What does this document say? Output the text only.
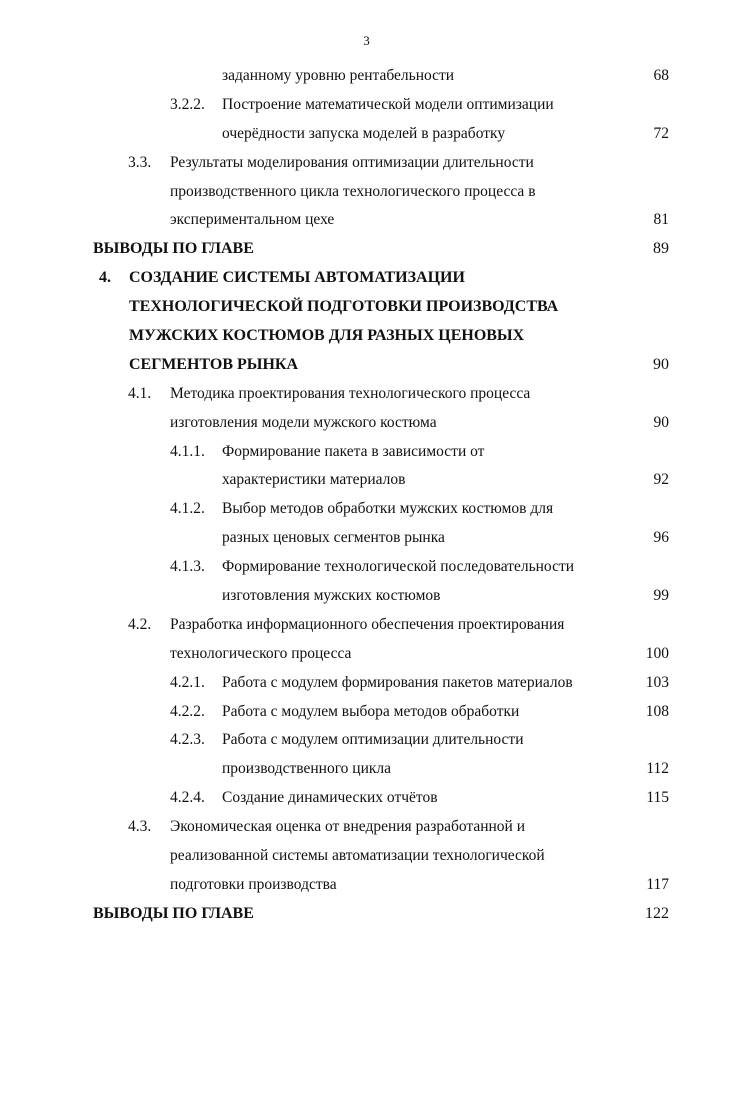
3
заданному уровню рентабельности	68
3.2.2. Построение математической модели оптимизации
очерёдности запуска моделей в разработку	72
3.3. Результаты моделирования оптимизации длительности
производственного цикла технологического процесса в
экспериментальном цехе	81
ВЫВОДЫ ПО ГЛАВЕ	89
4. СОЗДАНИЕ СИСТЕМЫ АВТОМАТИЗАЦИИ
ТЕХНОЛОГИЧЕСКОЙ ПОДГОТОВКИ ПРОИЗВОДСТВА
МУЖСКИХ КОСТЮМОВ ДЛЯ РАЗНЫХ ЦЕНОВЫХ
СЕГМЕНТОВ РЫНКА	90
4.1. Методика проектирования технологического процесса
изготовления модели мужского костюма	90
4.1.1. Формирование пакета в зависимости от
характеристики материалов	92
4.1.2. Выбор методов обработки мужских костюмов для
разных ценовых сегментов рынка	96
4.1.3. Формирование технологической последовательности
изготовления мужских костюмов	99
4.2. Разработка информационного обеспечения проектирования
технологического процесса	100
4.2.1. Работа с модулем формирования пакетов материалов	103
4.2.2. Работа с модулем выбора методов обработки	108
4.2.3. Работа с модулем оптимизации длительности
производственного цикла	112
4.2.4. Создание динамических отчётов	115
4.3. Экономическая оценка от внедрения разработанной и
реализованной системы автоматизации технологической
подготовки производства	117
ВЫВОДЫ ПО ГЛАВЕ	122
